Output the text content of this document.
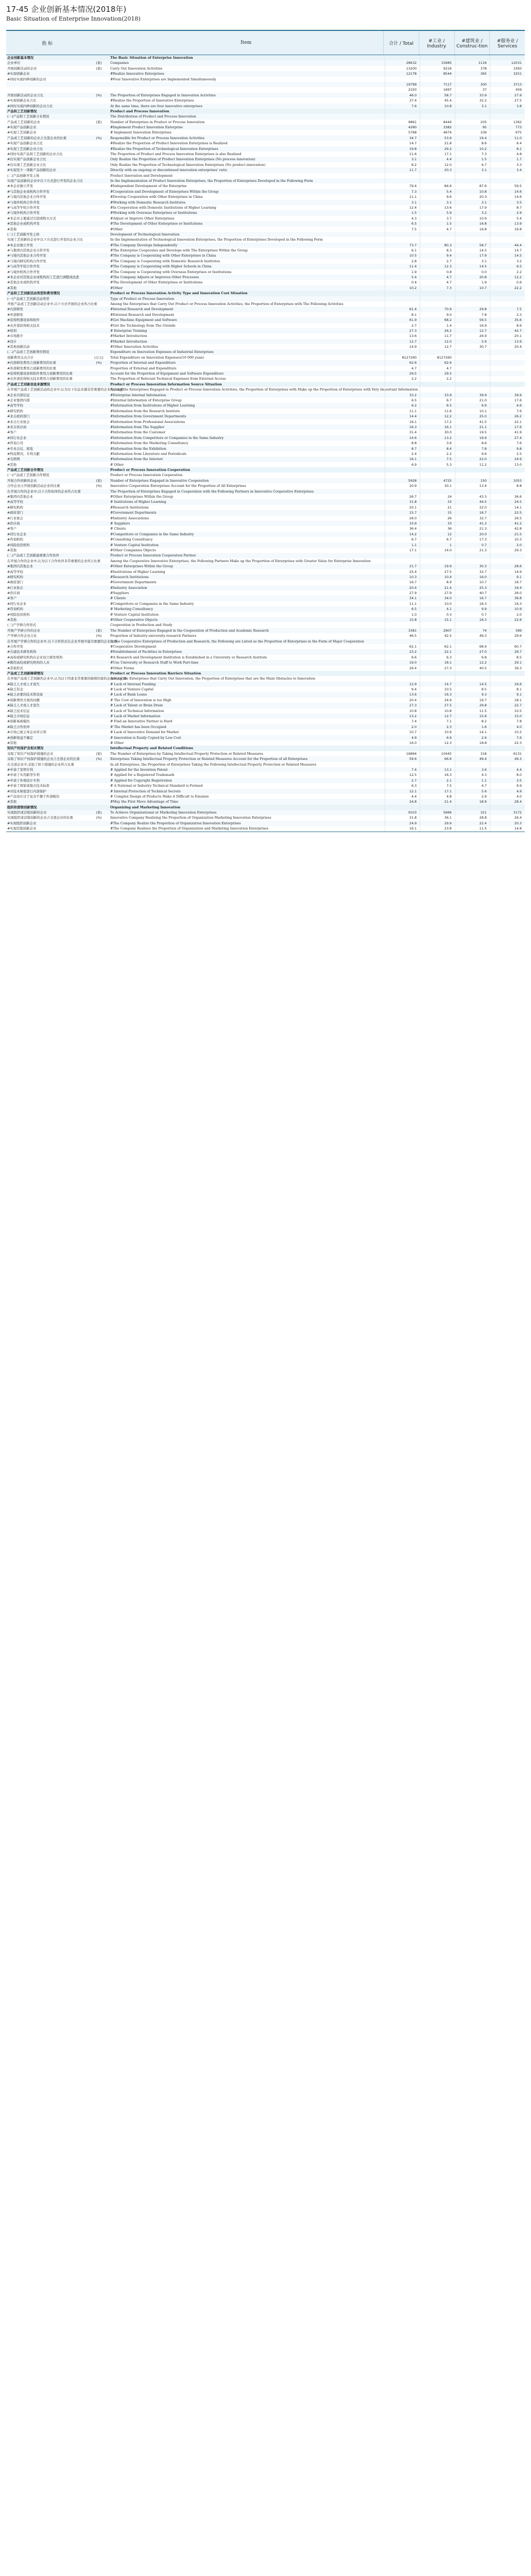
17-45 企业创新基本情况(2018年)
Basic Situation of Enterprise Innovation(2018)
指 标	Item	合计 / Total	#工业 / Industry
#建筑业 / Construc-tion
#服务业 / Services
企业创新基本情况	The Basic Situation of Enterprise Innovation
企业单位	(家)	Companies	28632	15685	1116	12031
开展创新活动的企业	(家)	Carry Out Innovation Activities	13200	9216	378	3393
#实现创新企业	#Realize Innovative Enterprises	12178	8544	365	3251
#同时实现四种创新的企业	#Four Innovative Enterprises are Implemented Simultaneously
19799	7117	300	3713
2193	1697	37	459
开展创新活动的企业占比	(%)	The Proportion of Enterprises Engaged in Innovation Activities	46.0	58.7	33.9	27.9
#实现创新企业占比	#Realize the Proportion of Innovative Enterprises	37.4	45.4	32.2	27.5
#同时实现四种创新的企业占比	At the same time, there are four innovative enterprises	7.6	10.8	3.1	3.8
产品和工艺创新情况	Product and Process Innovation
(一)产品和工艺创新分布情况	The Distribution of Product and Process Innovation
产品或工艺创新的企业	(家)	Number of Enterprises in Product or Process Innovation	9861	8444	205	1362
#实现产品创新企业	#Implement Product Innovation Enterprise	4280	3382	95	773
#实现工艺创新企业	# Implement Innovation Enterprises	5768	4674	109	975
产品或工艺创新的企业占全部企业的比重	(%)	Responsible for Product or Process Innovation Activities	34.7	53.6	19.4	11.0
#实现产品创新企业占比	#Realize the Proportion of Product Innovation Enterprises is Realized	14.7	21.8	8.6	6.4
#实现工艺创新企业占比	#Realize the Proportion of Technological Innovation Enterprises	19.8	29.2	10.2	8.1
#同时实现产品和工艺创新的企业占比	The Proportion of Product and Process Innovation Enterprises is also Realized	11.6	17.1	7.3	4.8
#仅实现产品创新企业占比	Only Realize the Proportion of Product Innovation Enterprises (No process innovation)	3.1	4.4	1.5	1.7
#仅实现工艺创新企业占比	Only Realize the Proportion of Technological Innovation Enterprises (No product innovation)	8.2	12.0	6.7	3.3
#实现至少一项新产品创新的企业	Directly with an ongoing or discontinued innovation enterprises' ratio	11.7	20.3	3.1	3.4
(二)产品创新开发主体	Product Innovation and Development
实现产品创新的企业中以下方式进行开发的企业占比	In the Implementation of Product Innovation Enterprises, the Proportion of Enterprises Developed in the Following Form
#本企业独立开发	#Independent Development of the Enterprise	79.4	84.6	87.9	59.5
#与其他企业或机构合作开发	#Cooperation and Development of Enterprises Within the Group	7.3	5.4	10.8	14.6
#与境内其他企业合作开发	#Develop Cooperation with Other Enterprises in China	11.1	9.6	20.3	14.6
#与境外机构合作开发	#Working with Domestic Research Institutes	3.1	3.1	3.1	3.5
#与高等学校合作开发	#In Cooperation with Domestic Institutions of Higher Learning	12.4	13.6	17.9	8.7
#与境外机构合作开发	#Working with Overseas Enterprises or Institutions	1.5	5.9	3.2	2.9
#本企业主要通过引进或购买方式	#Adjust or Improve Other Enterprises	4.3	3.7	10.9	5.4
#其他企业或机构开发	#The Development of Other Enterprises or Institutions	6.5	1.5	16.8	13.9
#其他	#Other	7.5	4.7	16.8	16.8
(三)工艺创新开发主体	Development of Technological Innovation
实现工艺创新的企业中以下方式进行开发的企业占比	In the Implementation of Technological Innovation Enterprises, the Proportion of Enterprises Developed in the Following Form
#本企业独立开发	#The Company Develops Independently	73.7	80.3	58.7	44.4
#与集团内其他企业合作开发	#The Enterprise Cooperates and Develops with The Enterprises Within the Group	6.1	8.3	14.5	14.7
#与境内其他企业合作开发	#The Company is Cooperating with Other Enterprises in China	10.5	9.4	17.9	14.5
#与境内研究机构合作开发	#The Company is Cooperating with Domestic Research Institutes	2.8	2.7	3.1	3.2
#与高等学校合作开发	#The Company is Cooperating with Higher Schools in China	11.4	12.3	14.5	6.5
#与境外机构合作开发	#The Company is Cooperating with Overseas Enterprises or Institutions	1.9	0.8	0.0	2.2
#本企业对其他企业或机构的工艺进行调整或改进	#The Company Adjusts or Improves Other Processes	5.4	4.7	20.8	12.2
#其他企业或机构开发	#The Development of Other Enterprises or Institutions	0.4	4.7	1.9	0.6
#其他	#Other	10.2	7.3	10.7	22.2
产品和工艺创新活动类型和费用情况	Product or Process Innovation Activity Type and Innovation Cost Situation
(一)产品或工艺创新活动类型	Type of Product or Process Innovation
开展产品或工艺创新活动企业中,以下方式开展的企业所占比重	Among the Enterprises that Carry Out Product or Process Innovation Activities, the Proportion of Enterprises with The Following Activities
#内部研发	#Internal Research and Development	61.4	70.9	29.8	7.5
#外部研发	#External Research and Development	8.1	9.0	7.8	2.3
#获得机器设备和软件	#Get Machine Equipment and Software	61.9	68.2	56.5	35.6
#从外部获得相关技术	#Get the Technology from The Outside	2.7	1.4	16.9	8.9
#培训	# Enterprise Training	27.3	26.2	12.7	42.7
#市场推介	#Market Introduction	13.6	11.7	26.9	20.1
#设计	#Market Introduction	12.7	12.0	5.9	13.9
#其他创新活动	#Other Innovation Activities	14.9	12.7	30.7	20.4
(二)产品或工艺创新费用情况	Expenditure on Innovation Expenses of Industrial Enterprises
创新费用支出合计	(万元)	Total Expenditure on Innovation Expenses(10 000 yuan)	8127260	8127260
#内部研发费用占创新费用的比重	(%)	Proportion of Internal and Expenditure	62.6	62.6
#外部研发费用占创新费用的比重	Proportion of External and Expenditure	4.7	4.7
#获得机器设备和软件费用占创新费用的比重	Account for the Proportion of Equipment and Software Expenditure	29.5	29.5
#从外部获得相关技术费用占创新费用的比重	The Proportion of Relevant Technical Expenses from External Access	2.2	2.2
产品或工艺创新信息来源情况	Product or Process Innovation Information Source Situation
在开展产品或工艺创新活动的企业中,认为以下信息来源非常重要的企业所占比重
Among the Enterprises Engaged in Product or Process Innovation Activities, the Proportion of Enterprises with Make up the Proportion of Enterprises with Very Important Information
#企业内部信息	#Enterprise Internal Information	33.2	33.9	39.9	39.9
#企业集团内部	#Internal Information of Enterprise Group	6.5	6.7	21.0	17.6
#高等学校	#Information from Institutions of Higher Learning	6.2	6.5	6.9	4.6
#研究机构	#Information from the Research Institute	11.1	11.6	10.1	7.6
#来自政府部门	#Information from Government Departments	14.4	12.2	25.0	26.2
#来自行业协会	#Information from Professional Associations	16.1	17.2	41.5	22.1
#来自供应商	#Information from The Supplier	16.3	16.1	21.1	17.6
#客户	#Information from the Customer	31.4	30.0	19.5	41.9
#同行业企业	#Information from Competitors or Companies in the Same Industry	14.6	13.2	19.9	27.4
#咨询公司	#Information from the Marketing Consultancy	8.8	3.6	8.6	7.6
#专业会议、展览	#Information from the Exhibition	8.7	8.4	7.8	9.8
#科技期刊、专利文献	#Information from Literature and Periodicals	2.4	2.2	9.6	2.5
#互联网	#Information from the Internet	16.1	7.5	22.0	24.9
#其他	# Other	6.9	5.3	11.2	13.0
产品或工艺创新合作情况	Product or Process Innovation Cooperation
(一)产品或工艺创新合作情况	Product or Process Innovation Cooperation
开展合作创新的企业	(家)	Number of Enterprises Engaged in Innovative Cooperation	5928	4725	150	1053
合作企业占开展创新活动企业的比重	(%)	Innovative Cooperation Enterprises Account for the Proportion of All Enterprises	20.9	30.1	13.4	8.8
在开展合作的企业中,以下合作伙伴的企业所占比重	The Proportion of Enterprises Engaged in Cooperation with the Following Partners in Innovative Cooperative Enterprises
#集团内其他企业	#Other Enterprises Within the Group	26.7	24	43.3	36.6
#高等学校	# Institutions of Higher Learning	31.8	33	44.5	24.5
#研究机构	#Research Institutions	20.1	21	22.0	14.1
#政府部门	#Government Departments	15.7	15	16.7	22.5
#行业协会	#Industry Associations	26.0	26	32.7	26.5
#供应商	# Suppliers	33.9	33	41.3	41.2
#客户	# Clients	36.4	36	21.3	42.8
#同行业企业	#Competitors or Companies in the Same Industry	14.2	12	20.0	21.5
#咨询机构	#Consulting Consultancy	6.7	6.7	17.3	10.3
#风险投资机构	# Venture Capital Institution	1.1	1	0.7	2.0
#其他	#Other Companies Objects	17.1	14.0	21.3	29.3
(二)产品或工艺创新最重要合作伙伴	Product or Process Innovation Cooperation Partner
在开展合作的企业中,认为以下合作伙伴非常重要的企业所占比重	Among the Cooperative Innovative Enterprises, the Following Partners Make up the Proportion of Enterprises with Greater Value for Enterprise Innovation
#集团内其他企业	#Other Enterprises Within the Group	21.7	19.9	30.3	28.6
#高等学校	#Institutions of Higher Learning	25.4	27.5	32.7	14.9
#研究机构	#Research Institutions	10.3	10.4	16.0	9.1
#政府部门	#Government Departments	16.7	8.9	10.7	16.7
#行业协会	#Industry Association	20.4	21.4	25.3	16.4
#供应商	#Suppliers	27.9	27.9	40.7	26.0
#客户	# Clients	34.1	34.0	16.7	36.8
#同行业企业	#Competitors or Companies in the Same Industry	11.1	10.0	16.3	16.3
#咨询机构	# Marketing Consultancy	6.5	4.1	9.9	10.9
#风险投资机构	# Venture Capital Institution	1.0	0.3	0.7	2.0
#其他	#Other Cooperative Objects	15.8	15.1	16.3	22.6
(三)产学研合作形式	Cooperation in Production and Study
开展产学研合作的企业	(家)	The Number of Enterprises Engaged in the Cooperation of Production and Academic Research	3381	2907	74	399
产学研合作企业占比	(%)	Proportion of Industry-university-research Partners	46.5	42.5	49.3	29.6
在开展产学研合作的企业中,以下合作形式在企业开展中最为重要的企业比重
In the Cooperative Enterprises of Production and Research, the Following are Listed as the Proportion of Enterprises in the Form of Major Cooperation
#合作开发	#Cooperative Development	62.1	62.1	68.9	60.7
#共建技术研发机构	#Establishment of Facilities in Enterprises	23.2	22.1	27.0	29.7
#高校或研究机构在企业设立研发机构	#A Research and Development Institution is Established in a University or Research Institute	6.6	6.3	6.8	8.5
#聘用高校或研究机构的人员	#Use University or Research Staff to Work Part-time	19.0	18.1	12.2	29.1
#其他形式	#Other Forms	29.4	27.3	40.5	39.3
产品或工艺创新障碍情况	Product or Process Innovation Barriers Situation
在开展产品或工艺创新的企业中,认为以下因素非常重要的障碍因素的企业所占比重
Among the Enterprises that Carry Out Innovation, the Proportion of Enterprises that are the Main Obstacles to Innovation
#缺乏人才或人才流失	# Lack of Internal Funding	12.9	14.7	14.5	16.6
#缺乏资金	# Lack of Venture Capital	9.4	10.5	8.5	8.1
#缺乏必要的技术和设备	# Lack of Bank Loans	13.6	16.3	9.3	9.1
#创新费用方面的问题	# The Cost of Innovation is too High	20.4	24.9	19.7	18.1
#缺乏人才或人才流失	# Lack of Talent or Brain Drain	27.3	27.5	29.8	22.7
#缺乏技术信息	# Lack of Technical Information	10.8	10.8	11.5	10.5
#缺乏市场信息	# Lack of Market Information	13.2	12.7	15.6	15.0
#创新易被模仿	# Find an Innovative Partner is Hard	7.4	7.1	8.2	7.8
#缺乏合作伙伴	# The Market has been Occupied	2.0	2.3	1.6	4.0
#市场已被主导企业所占领	# Lack of Innovative Demand for Market	10.7	10.9	14.1	10.2
#创新收益不确定	# Innovation is Easily Copied by Low Cost	4.9	6.9	2.6	7.6
#其他	# Other	16.0	12.3	18.8	22.3
知识产权保护及相关情况	Intellectual Property and Related Conditions
采取了知识产权保护措施的企业	(家)	The Number of Enterprises by Taking Intellectual Property Protection or Related Measures	16894	10445	318	6131
采取了知识产权保护措施的企业占全部企业的比重	(%)	Enterprises Taking Intellectual Property Protection or Related Measures Account for the Proportion of all Enterprises	59.6	66.6	49.4	49.3
在全部企业中,采取了如下措施的企业所占比重	In all Enterprises, the Proportion of Enterprises Taking the Following Intellectual Property Protection or Related Measures
#申请了发明专利	# Applied for the Invention Patent	7.4	13.1	3.6	4.4
#申请了实用新型专利	# Applied for a Registered Trademark	12.5	16.3	4.3	8.0
#申请了外观设计专利	# Applied for Copyright Registration	2.7	2.1	1.1	3.5
#申请了国家或地方技术标准	# A National or Industry Technical Standard is Formed	6.3	7.5	4.7	9.9
#对技术秘密进行内部保护	# Internal Protection of Technical Secrets	12.1	17.1	5.6	4.9
#产品设计过于复杂不便于外部模仿	# Complex Design of Products Make it Difficult to Emulate	4.4	4.8	2.9	4.0
#其他	#May the First Move Advantage of Time	24.8	21.4	18.9	28.4
组织和营销创新情况	Organizing and Marketing Innovation
实现组织或营销创新的企业	(家)	To Achieve Organizational or Marketing Innovation Enterprises	9103	5666	321	3172
实现组织或营销创新的企业占全部企业的比重	(%)	Innovative Company Realizing the Proportion of Organization Marketing Innovation Enterprises	31.8	36.1	28.8	26.4
#实现组织创新企业	#The Company Realize the Proportion of Organization Innovation Enterprises	24.9	29.9	22.4	20.3
#实现营销创新企业	#The Company Realizes the Proportion of Organization and Marketing Innovation Enterprises	16.1	23.8	11.5	14.8
